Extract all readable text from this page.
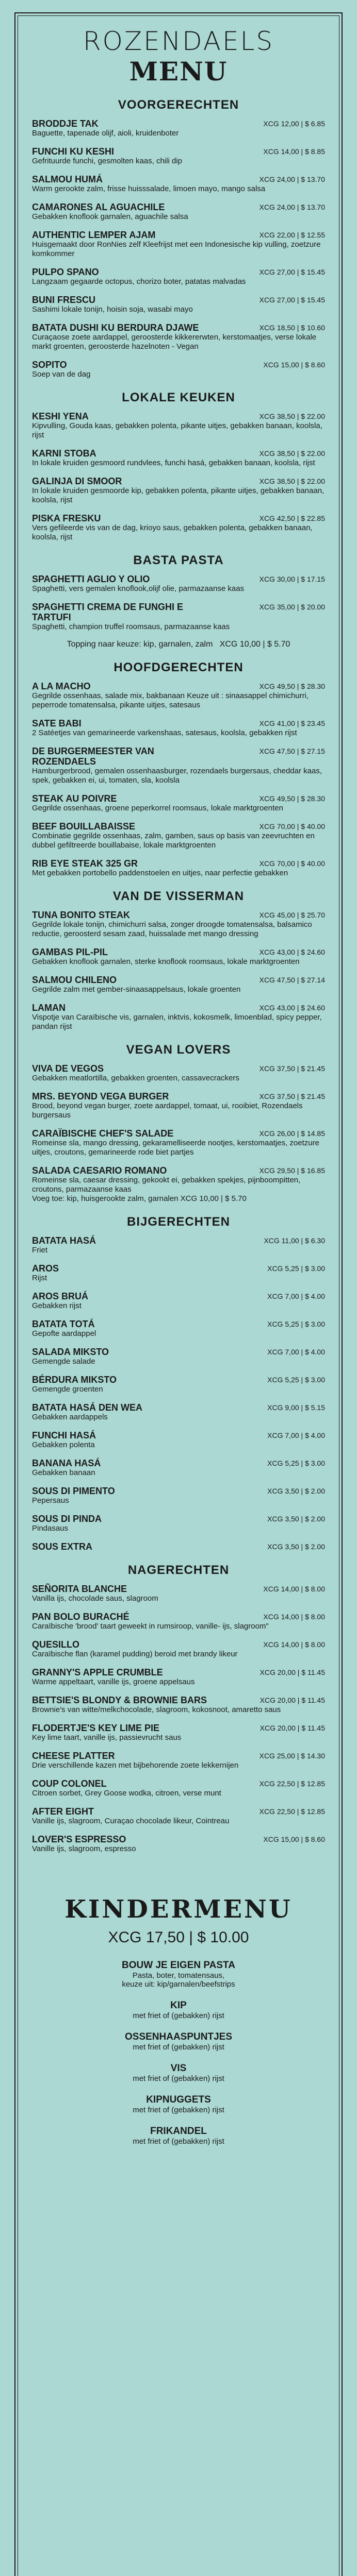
ROZENDAELS MENU
VOORGERECHTEN
BRODDJE TAK	XCG 12,00 | $ 6.85
Baguette, tapenade olijf, aioli, kruidenboter
FUNCHI KU KESHI	XCG 14,00 | $ 8.85
Gefrituurde funchi, gesmolten kaas, chili dip
SALMOU HUMÁ	XCG 24,00 | $ 13.70
Warm gerookte zalm, frisse huisssalade, limoen mayo, mango salsa
CAMARONES AL AGUACHILE	XCG 24,00 | $ 13.70
Gebakken knoflook garnalen, aguachile salsa
AUTHENTIC LEMPER AJAM	XCG 22,00 | $ 12.55
Huisgemaakt door RonNies zelf Kleefrijst met een Indonesische kip vulling, zoetzure komkommer
PULPO SPANO	XCG 27,00 | $ 15.45
Langzaam gegaarde octopus, chorizo boter, patatas malvadas
BUNI FRESCU	XCG 27,00 | $ 15.45
Sashimi lokale tonijn, hoisin soja, wasabi mayo
BATATA DUSHI KU BERDURA DJAWE	XCG 18,50 | $ 10.60
Curaçaose zoete aardappel, geroosterde kikkererwten, kerstomaatjes, verse lokale markt groenten, geroosterde hazelnoten - Vegan
SOPITO	XCG 15,00 | $ 8.60
Soep van de dag
LOKALE KEUKEN
KESHI YENA	XCG 38,50 | $ 22.00
Kipvulling, Gouda kaas, gebakken polenta, pikante uitjes, gebakken banaan, koolsla, rijst
KARNI STOBA	XCG 38,50 | $ 22.00
In lokale kruiden gesmoord rundvlees, funchi hasá, gebakken banaan, koolsla, rijst
GALINJA DI SMOOR	XCG 38,50 | $ 22.00
In lokale kruiden gesmoorde kip, gebakken polenta, pikante uitjes, gebakken banaan, koolsla, rijst
PISKA FRESKU	XCG 42,50 | $ 22.85
Vers gefileerde vis van de dag, krioyo saus, gebakken polenta, gebakken banaan, koolsla, rijst
BASTA PASTA
SPAGHETTI AGLIO Y OLIO	XCG 30,00 | $ 17.15
Spaghetti, vers gemalen knoflook,olijf olie, parmazaanse kaas
SPAGHETTI CREMA DE FUNGHI E TARTUFI
XCG 35,00 | $ 20.00
Spaghetti, champion truffel roomsaus, parmazaanse kaas
Topping naar keuze: kip, garnalen, zalm   XCG 10,00 | $ 5.70
HOOFDGERECHTEN
A LA MACHO	XCG 49,50 | $ 28.30
Gegrilde ossenhaas, salade mix, bakbanaan Keuze uit : sinaasappel chimichurri, peperrode tomatensalsa, pikante uitjes, satesaus
SATE BABI	XCG 41,00 | $ 23.45
2 Satéetjes van gemarineerde varkenshaas, satesaus, koolsla, gebakken rijst
DE BURGERMEESTER VAN ROZENDAELS
XCG 47,50 | $ 27.15
Hamburgerbrood, gemalen ossenhaasburger, rozendaels burgersaus, cheddar kaas, spek, gebakken ei, ui, tomaten, sla, koolsla
STEAK AU POIVRE	XCG 49,50 | $ 28.30
Gegrilde ossenhaas, groene peperkorrel roomsaus, lokale marktgroenten
BEEF BOUILLABAISSE	XCG 70,00 | $ 40.00
Combinatie gegrilde ossenhaas, zalm, gamben, saus op basis van zeevruchten en dubbel gefiltreerde bouillabaise, lokale marktgroenten
RIB EYE STEAK 325 GR	XCG 70,00 | $ 40.00
Met gebakken portobello paddenstoelen en uitjes, naar perfectie gebakken
VAN DE VISSERMAN
TUNA BONITO STEAK	XCG 45,00 | $ 25.70
Gegrilde lokale tonijn, chimichurri salsa, zonger droogde tomatensalsa, balsamico reductie, geroosterd sesam zaad, huissalade met mango dressing
GAMBAS PIL-PIL	XCG 43,00 | $ 24.60
Gebakken knoflook garnalen, sterke knoflook roomsaus, lokale marktgroenten
SALMOU CHILENO	XCG 47,50 | $ 27.14
Gegrilde zalm met gember-sinaasappelsaus, lokale groenten
LAMAN	XCG 43,00 | $ 24.60
Vispotje van Caraïbische vis, garnalen, inktvis, kokosmelk, limoenblad, spicy pepper, pandan rijst
VEGAN LOVERS
VIVA DE VEGOS	XCG 37,50 | $ 21.45
Gebakken meatlortilla, gebakken groenten, cassavecrackers
MRS. BEYOND VEGA BURGER	XCG 37,50 | $ 21.45
Brood, beyond vegan burger, zoete aardappel, tomaat, ui, rooibiet, Rozendaels burgersaus
CARAÏBISCHE CHEF'S SALADE	XCG 26,00 | $ 14.85
Romeinse sla, mango dressing, gekaramelliseerde nootjes, kerstomaatjes, zoetzure uitjes, croutons, gemarineerde rode biet partjes
SALADA CAESARIO ROMANO	XCG 29,50 | $ 16.85
Romeinse sla, caesar dressing, gekookt ei, gebakken spekjes, pijnboompitten, croutons, parmazaanse kaas
Voeg toe: kip, huisgerookte zalm, garnalen XCG 10,00 | $ 5.70
BIJGERECHTEN
BATATA HASÁ	XCG 11,00 | $ 6.30
Friet
AROS	XCG 5,25 | $ 3.00
Rijst
AROS BRUÁ	XCG 7,00 | $ 4.00
Gebakken rijst
BATATA TOTÁ	XCG 5,25 | $ 3.00
Gepofte aardappel
SALADA MIKSTO	XCG 7,00 | $ 4.00
Gemengde salade
BÉRDURA MIKSTO	XCG 5,25 | $ 3.00
Gemengde groenten
BATATA HASÁ DEN WEA	XCG 9,00 | $ 5.15
Gebakken aardappels
FUNCHI HASÁ	XCG 7,00 | $ 4.00
Gebakken polenta
BANANA HASÁ	XCG 5,25 | $ 3.00
Gebakken banaan
SOUS DI PIMENTO	XCG 3,50 | $ 2.00
Pepersaus
SOUS DI PINDA	XCG 3,50 | $ 2.00
Pindasaus
SOUS EXTRA	XCG 3,50 | $ 2.00
NAGERECHTEN
SEÑORITA BLANCHE	XCG 14,00 | $ 8.00
Vanilla ijs, chocolade saus, slagroom
PAN BOLO BURACHÉ	XCG 14,00 | $ 8.00
Caraïbische 'brood' taart geweekt in rumsiroop, vanille- ijs, slagroom"
QUESILLO	XCG 14,00 | $ 8.00
Caraïbische flan (karamel pudding) beroid met brandy likeur
GRANNY'S APPLE CRUMBLE	XCG 20,00 | $ 11.45
Warme appeltaart, vanille ijs, groene appelsaus
BETTSIE'S BLONDY & BROWNIE BARS	XCG 20,00 | $ 11.45
Brownie's van witte/melkchocolade, slagroom, kokosnoot, amaretto saus
FLODERTJE'S KEY LIME PIE	XCG 20,00 | $ 11.45
Key lime taart, vanille ijs, passievrucht saus
CHEESE PLATTER	XCG 25,00 | $ 14.30
Drie verschillende kazen met bijbehorende zoete lekkernijen
COUP COLONEL	XCG 22,50 | $ 12.85
Citroen sorbet, Grey Goose wodka, citroen, verse munt
AFTER EIGHT	XCG 22,50 | $ 12.85
Vanille ijs, slagroom, Curaçao chocolade likeur, Cointreau
LOVER'S ESPRESSO	XCG 15,00 | $ 8.60
Vanille ijs, slagroom, espresso
KINDERMENU
XCG 17,50 | $ 10.00
BOUW JE EIGEN PASTA
Pasta, boter, tomatensaus,
keuze uit: kip/garnalen/beefstrips
KIP
met friet of (gebakken) rijst
OSSENHAASPUNTJES
met friet of (gebakken) rijst
VIS
met friet of (gebakken) rijst
KIPNUGGETS
met friet of (gebakken) rijst
FRIKANDEL
met friet of (gebakken) rijst
